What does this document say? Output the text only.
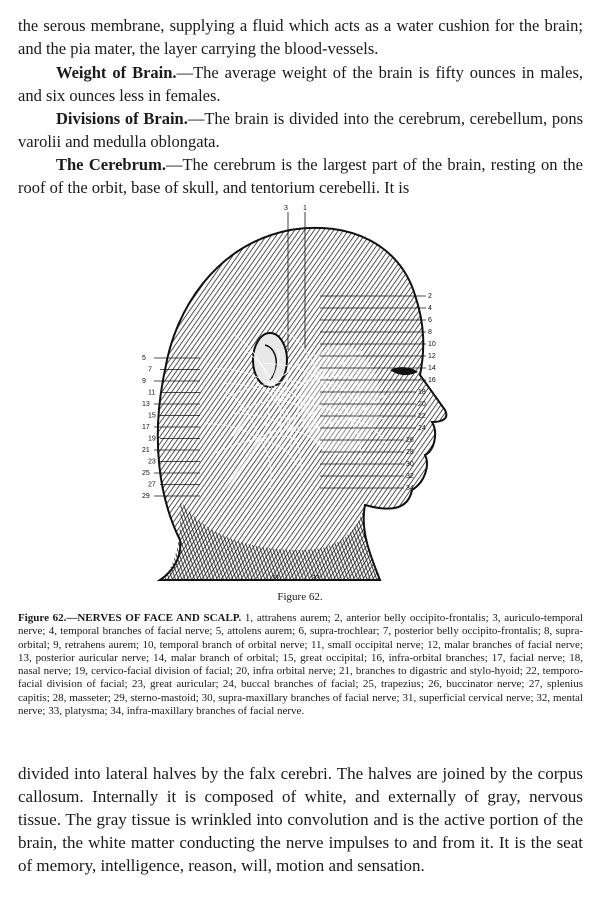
the serous membrane, supplying a fluid which acts as a water cushion for the brain; and the pia mater, the layer carrying the blood-vessels.

Weight of Brain.—The average weight of the brain is fifty ounces in males, and six ounces less in females.

Divisions of Brain.—The brain is divided into the cerebrum, cerebellum, pons varolii and medulla oblongata.

The Cerebrum.—The cerebrum is the largest part of the brain, resting on the roof of the orbit, base of skull, and tentorium cerebelli. It is

3 1
2
4
6
8
10
12
14
16
18
20
22
24
26
28
30
32
34
5
7
9
11
13
15
17
19
21
23
25
27
29
31	33
Figure 62.
Figure 62.—NERVES OF FACE AND SCALP. 1, attrahens aurem; 2, anterior belly occipito-frontalis; 3, auriculo-temporal nerve; 4, temporal branches of facial nerve; 5, attolens aurem; 6, supra-trochlear; 7, posterior belly occipito-frontalis; 8, supra-orbital; 9, retrahens aurem; 10, temporal branch of orbital nerve; 11, small occipital nerve; 12, malar branches of facial nerve; 13, posterior auricular nerve; 14, malar branch of orbital; 15, great occipital; 16, infra-orbital branches; 17, facial nerve; 18, nasal nerve; 19, cervico-facial division of facial; 20, infra orbital nerve; 21, branches to digastric and stylo-hyoid; 22, temporo-facial division of facial; 23, great auricular; 24, buccal branches of facial; 25, trapezius; 26, buccinator nerve; 27, splenius capitis; 28, masseter; 29, sterno-mastoid; 30, supra-maxillary branches of facial nerve; 31, superficial cervical nerve; 32, mental nerve; 33, platysma; 34, infra-maxillary branches of facial nerve.

divided into lateral halves by the falx cerebri. The halves are joined by the corpus callosum. Internally it is composed of white, and externally of gray, nervous tissue. The gray tissue is wrinkled into convolution and is the active portion of the brain, the white matter conducting the nerve impulses to and from it. It is the seat of memory, intelligence, reason, will, motion and sensation.
